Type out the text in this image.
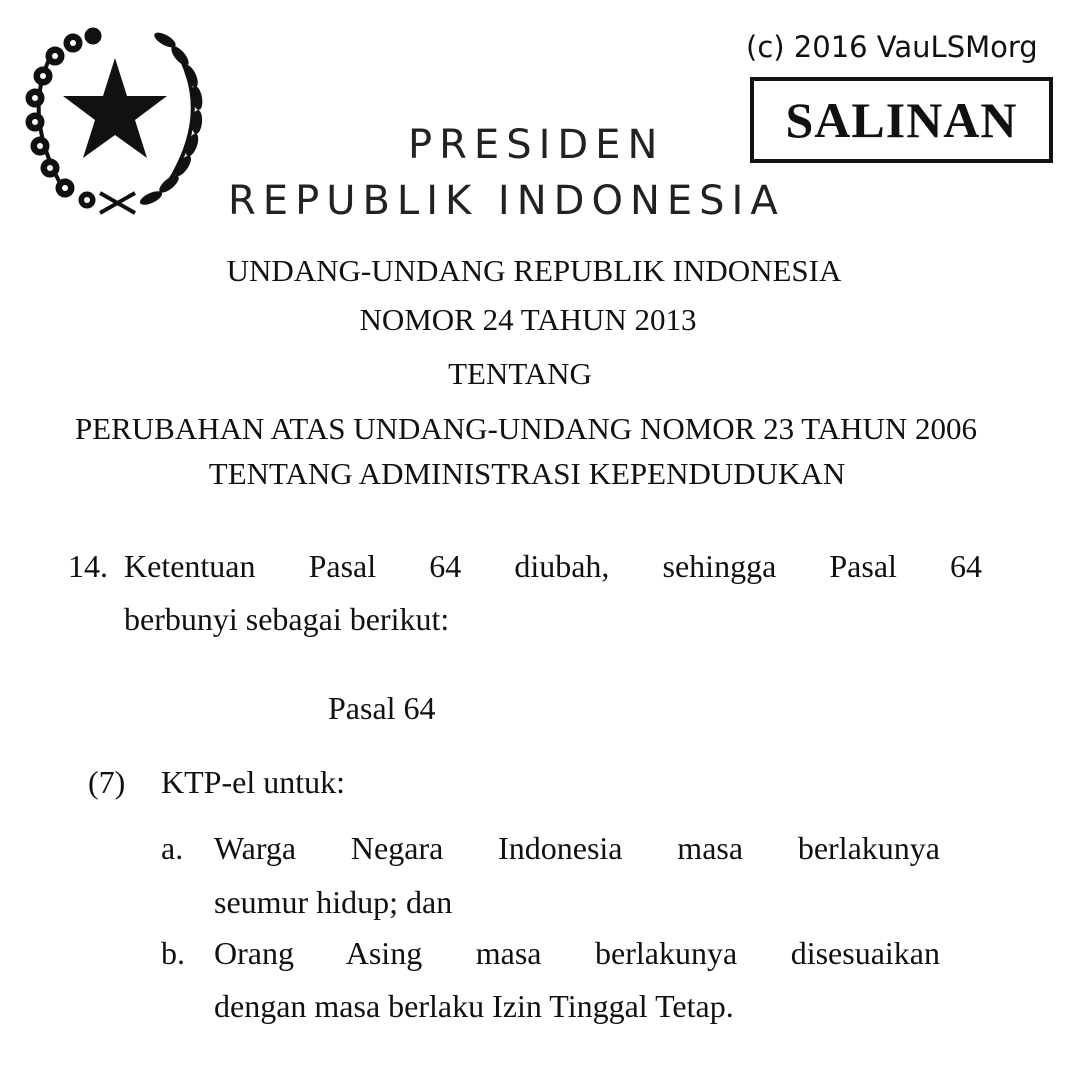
(c) 2016 VauLSMorg
SALINAN
PRESIDEN
REPUBLIK INDONESIA
UNDANG-UNDANG REPUBLIK INDONESIA
NOMOR 24 TAHUN 2013
TENTANG
PERUBAHAN ATAS UNDANG-UNDANG NOMOR 23 TAHUN 2006
TENTANG ADMINISTRASI KEPENDUDUKAN
14. Ketentuan Pasal 64 diubah, sehingga Pasal 64
berbunyi sebagai berikut:
Pasal 64
(7) KTP-el untuk:
a. Warga Negara Indonesia masa berlakunya
seumur hidup; dan
b. Orang Asing masa berlakunya disesuaikan
dengan masa berlaku Izin Tinggal Tetap.
